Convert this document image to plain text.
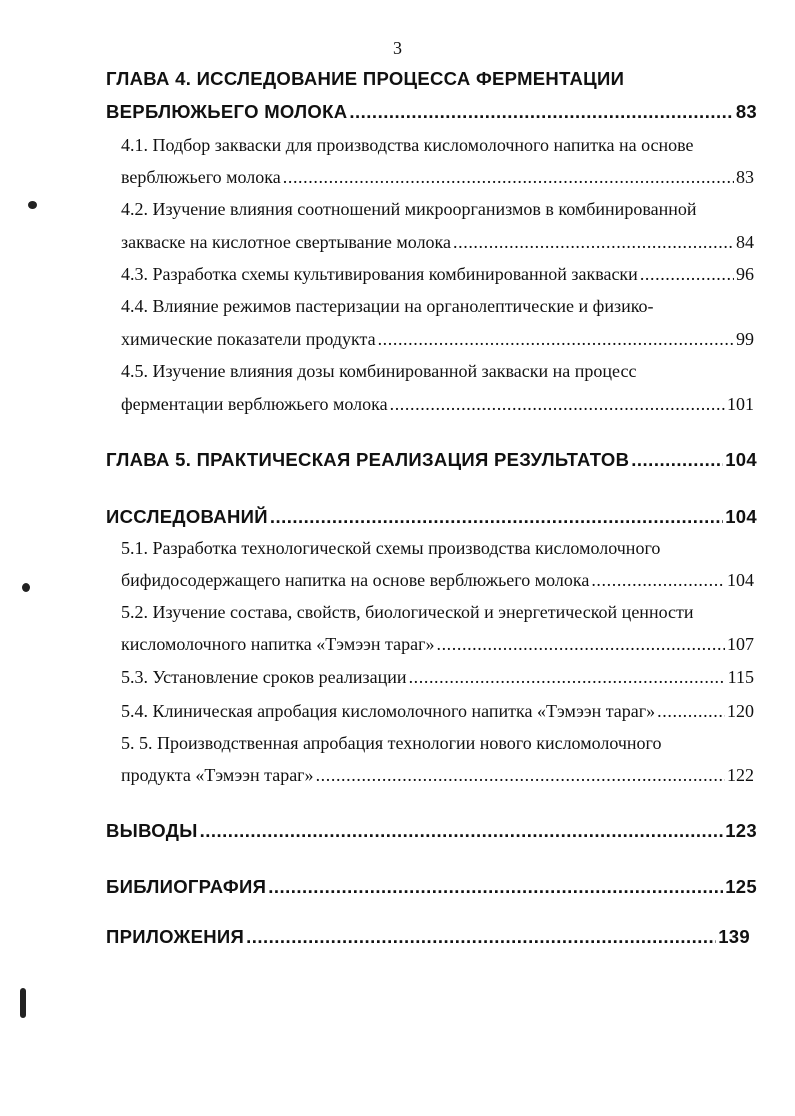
3
ГЛАВА 4. ИССЛЕДОВАНИЕ ПРОЦЕССА ФЕРМЕНТАЦИИ
ВЕРБЛЮЖЬЕГО МОЛОКА .....	83
4.1. Подбор закваски для производства кисломолочного напитка на основе
верблюжьего молока .....	83
4.2. Изучение влияния соотношений микроорганизмов в комбинированной
закваске на кислотное свертывание молока .....	84
4.3. Разработка схемы культивирования комбинированной закваски .....	96
4.4. Влияние режимов пастеризации на органолептические и физико-
химические показатели продукта .....	99
4.5. Изучение влияния дозы комбинированной закваски на процесс
ферментации верблюжьего молока .....	101
ГЛАВА 5. ПРАКТИЧЕСКАЯ РЕАЛИЗАЦИЯ РЕЗУЛЬТАТОВ .....	104
ИССЛЕДОВАНИЙ .....	104
5.1. Разработка технологической схемы производства кисломолочного
бифидосодержащего напитка на основе верблюжьего молока .....	104
5.2. Изучение состава, свойств, биологической и энергетической ценности
кисломолочного напитка «Тэмээн тараг» .....	107
5.3. Установление сроков реализации .....	115
5.4. Клиническая апробация кисломолочного напитка «Тэмээн тараг» .....	120
5. 5. Производственная апробация технологии нового кисломолочного
продукта «Тэмээн тараг» .....	122
ВЫВОДЫ .....	123
БИБЛИОГРАФИЯ .....	125
ПРИЛОЖЕНИЯ .....	139
